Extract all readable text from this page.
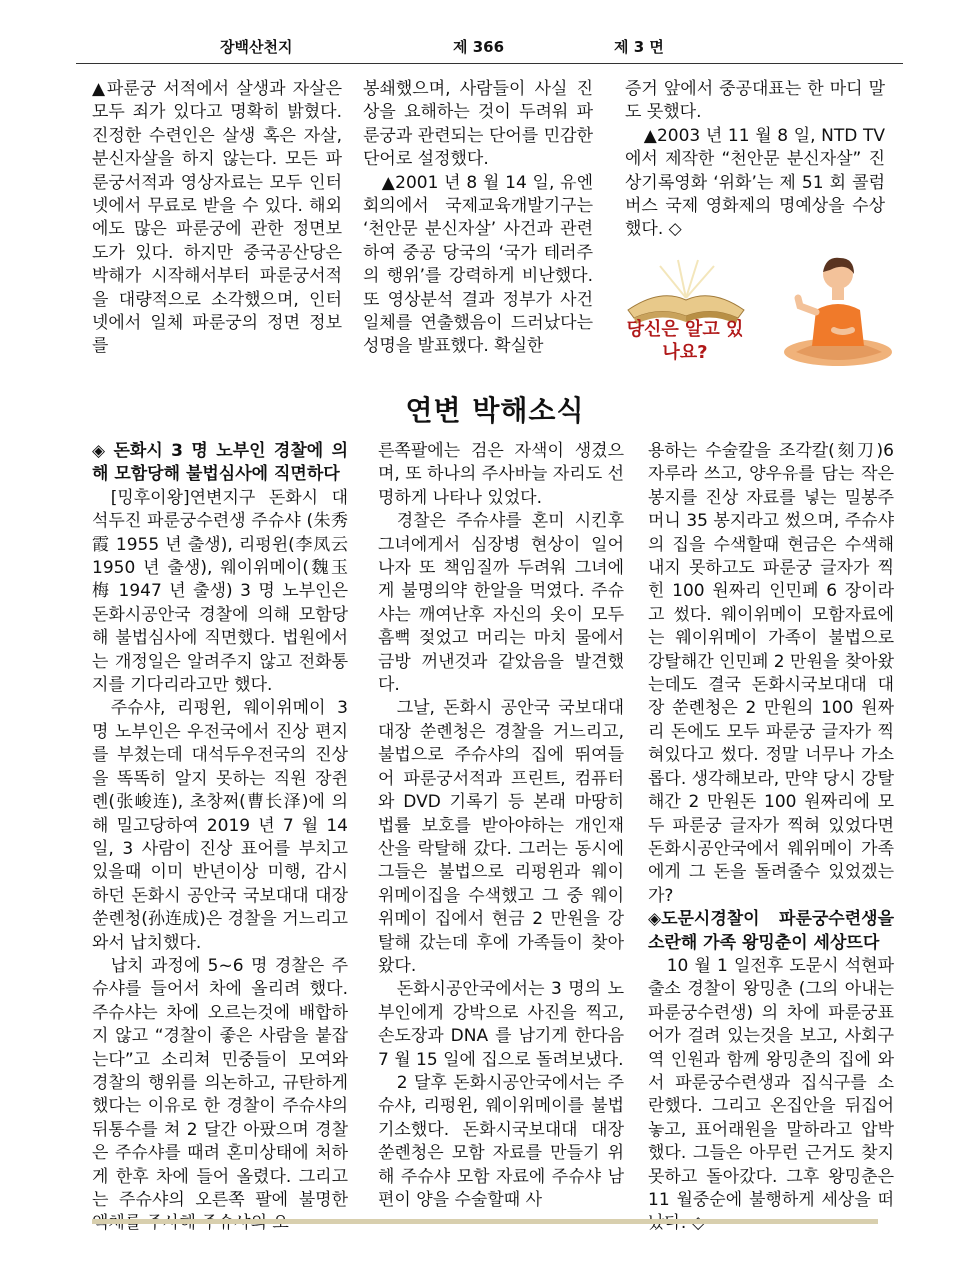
장백산천지	제 366	제 3 면

▲파룬궁 서적에서 살생과 자살은 모두 죄가 있다고 명확히 밝혔다. 진정한 수련인은 살생 혹은 자살, 분신자살을 하지 않는다. 모든 파룬궁서적과 영상자료는 모두 인터넷에서 무료로 받을 수 있다. 해외에도 많은 파룬궁에 관한 정면보도가 있다. 하지만 중국공산당은 박해가 시작해서부터 파룬궁서적을 대량적으로 소각했으며, 인터넷에서 일체 파룬궁의 정면 정보를

봉쇄했으며, 사람들이 사실 진상을 요해하는 것이 두려워 파룬궁과 관련되는 단어를 민감한 단어로 설정했다.

▲2001 년 8 월 14 일, 유엔 회의에서 국제교육개발기구는 ‘천안문 분신자살’ 사건과 관련하여 중공 당국의 ‘국가 테러주의 행위’를 강력하게 비난했다. 또 영상분석 결과 정부가 사건 일체를 연출했음이 드러났다는 성명을 발표했다. 확실한

증거 앞에서 중공대표는 한 마디 말도 못했다.

▲2003 년 11 월 8 일, NTD TV 에서 제작한 “천안문 분신자살” 진상기록영화 ‘위화’는 제 51 회 콜럼버스 국제 영화제의 명예상을 수상했다. ◇

당신은 알고 있나요?
연변 박해소식

◈ 돈화시 3 명 노부인 경찰에 의해 모함당해 불법심사에 직면하다

[밍후이왕]연변지구 돈화시 대석두진 파룬궁수련생 주슈샤 (朱秀霞 1955 년 출생), 리펑윈(李凤云 1950 년 출생), 웨이위메이(魏玉梅 1947 년 출생) 3 명 노부인은 돈화시공안국 경찰에 의해 모함당해 불법심사에 직면했다. 법원에서는 개정일은 알려주지 않고 전화통지를 기다리라고만 했다.

주슈샤, 리펑윈, 웨이위메이 3 명 노부인은 우전국에서 진상 편지를 부쳤는데 대석두우전국의 진상을 똑똑히 알지 못하는 직원 장쥔롄(张峻连), 초창쩌(曹长泽)에 의해 밀고당하여 2019 년 7 월 14 일, 3 사람이 진상 표어를 부치고 있을때 이미 반년이상 미행, 감시하던 돈화시 공안국 국보대대 대장 쑨롄청(孙连成)은 경찰을 거느리고 와서 납치했다.

납치 과정에 5~6 명 경찰은 주슈샤를 들어서 차에 올리려 했다. 주슈샤는 차에 오르는것에 배합하지 않고 “경찰이 좋은 사람을 붙잡는다”고 소리쳐 민중들이 모여와 경찰의 행위를 의논하고, 규탄하게 했다는 이유로 한 경찰이 주슈샤의 뒤통수를 쳐 2 달간 아팠으며 경찰은 주슈샤를 때려 혼미상태에 처하게 한후 차에 들어 올렸다. 그리고는 주슈샤의 오른쪽 팔에 불명한

른쪽팔에는 검은 자색이 생겼으며, 또 하나의 주사바늘 자리도 선명하게 나타나 있었다.

경찰은 주슈샤를 혼미 시킨후 그녀에게서 심장병 현상이 일어나자 또 책임질까 두려워 그녀에게 불명의약 한알을 먹였다. 주슈샤는 깨여난후 자신의 옷이 모두 흠뻑 젖었고 머리는 마치 물에서 금방 꺼낸것과 같았음을 발견했다.

그날, 돈화시 공안국 국보대대 대장 쑨롄청은 경찰을 거느리고, 불법으로 주슈샤의 집에 뛰여들어 파룬궁서적과 프린트, 컴퓨터와 DVD 기록기 등 본래 마땅히 법률 보호를 받아야하는 개인재산을 락탈해 갔다. 그러는 동시에 그들은 불법으로 리펑윈과 웨이위메이집을 수색했고 그 중 웨이위메이 집에서 현금 2 만원을 강탈해 갔는데 후에 가족들이 찾아왔다.

돈화시공안국에서는 3 명의 노부인에게 강박으로 사진을 찍고, 손도장과 DNA 를 남기게 한다음 7 월 15 일에 집으로 돌려보냈다.

2 달후 돈화시공안국에서는 주슈샤, 리펑윈, 웨이위메이를 불법기소했다. 돈화시국보대대 대장 쑨롄청은 모함 자료를 만들기 위해 주슈샤 모함 자료에 주슈샤 남편이 양을 수술할때 사

용하는 수술칼을 조각칼(刻刀)6 자루라 쓰고, 양우유를 담는 작은 봉지를 진상 자료를 넣는 밀봉주머니 35 봉지라고 썼으며, 주슈샤의 집을 수색할때 현금은 수색해내지 못하고도 파룬궁 글자가 찍힌 100 원짜리 인민페 6 장이라고 썼다. 웨이위메이 모함자료에는 웨이위메이 가족이 불법으로 강탈해간 인민페 2 만원을 찾아왔는데도 결국 돈화시국보대대 대장 쑨롄청은 2 만원의 100 원짜리 돈에도 모두 파룬궁 글자가 찍혀있다고 썼다. 정말 너무나 가소롭다. 생각해보라, 만약 당시 강탈해간 2 만원돈 100 원짜리에 모두 파룬궁 글자가 찍혀 있었다면 돈화시공안국에서 웨위메이 가족에게 그 돈을 돌려줄수 있었겠는가?

◈도문시경찰이 파룬궁수련생을 소란해 가족 왕밍춘이 세상뜨다

10 월 1 일전후 도문시 석현파출소 경찰이 왕밍춘 (그의 아내는 파룬궁수련생) 의 차에 파룬궁표어가 걸려 있는것을 보고, 사회구역 인원과 함께 왕밍춘의 집에 와서 파룬궁수련생과 집식구를 소란했다. 그리고 온집안을 뒤집어 놓고, 표어래원을 말하라고 압박했다. 그들은 아무런 근거도 찾지못하고 돌아갔다. 그후 왕밍춘은 11 월중순에 불행하게 세상을 떠
